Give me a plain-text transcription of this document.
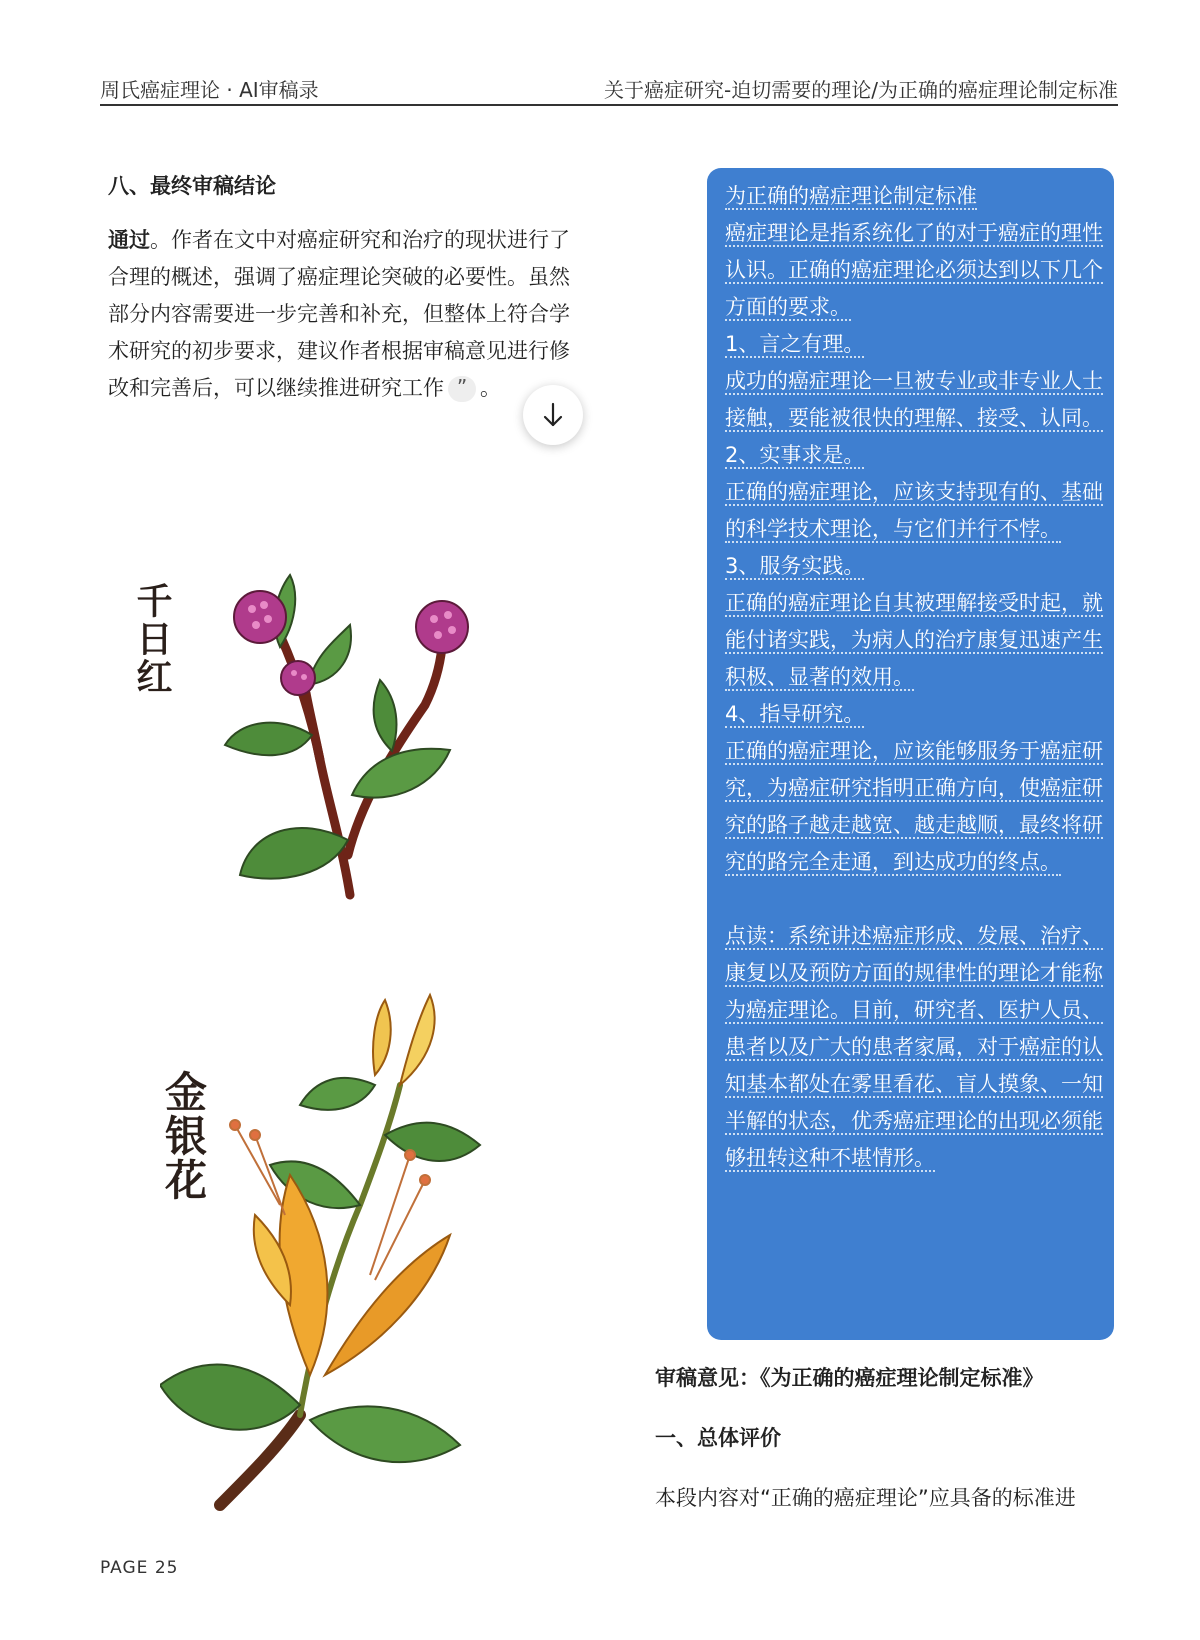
周氏癌症理论 · AI审稿录	关于癌症研究-迫切需要的理论/为正确的癌症理论制定标准
八、最终审稿结论

通过。作者在文中对癌症研究和治疗的现状进行了合理的概述，强调了癌症理论突破的必要性。虽然部分内容需要进一步完善和补充，但整体上符合学术研究的初步要求，建议作者根据审稿意见进行修改和完善后，可以继续推进研究工作 ” 。

千日红
金银花

为正确的癌症理论制定标准

癌症理论是指系统化了的对于癌症的理性认识。正确的癌症理论必须达到以下几个方面的要求。

1、言之有理。

成功的癌症理论一旦被专业或非专业人士接触，要能被很快的理解、接受、认同。

2、实事求是。

正确的癌症理论，应该支持现有的、基础的科学技术理论，与它们并行不悖。

3、服务实践。

正确的癌症理论自其被理解接受时起，就能付诸实践，为病人的治疗康复迅速产生积极、显著的效用。

4、指导研究。

正确的癌症理论，应该能够服务于癌症研究，为癌症研究指明正确方向，使癌症研究的路子越走越宽、越走越顺，最终将研究的路完全走通，到达成功的终点。

点读：系统讲述癌症形成、发展、治疗、康复以及预防方面的规律性的理论才能称为癌症理论。目前，研究者、医护人员、患者以及广大的患者家属，对于癌症的认知基本都处在雾里看花、盲人摸象、一知半解的状态，优秀癌症理论的出现必须能够扭转这种不堪情形。

审稿意见：《为正确的癌症理论制定标准》
一、总体评价
本段内容对“正确的癌症理论”应具备的标准进
PAGE 25
